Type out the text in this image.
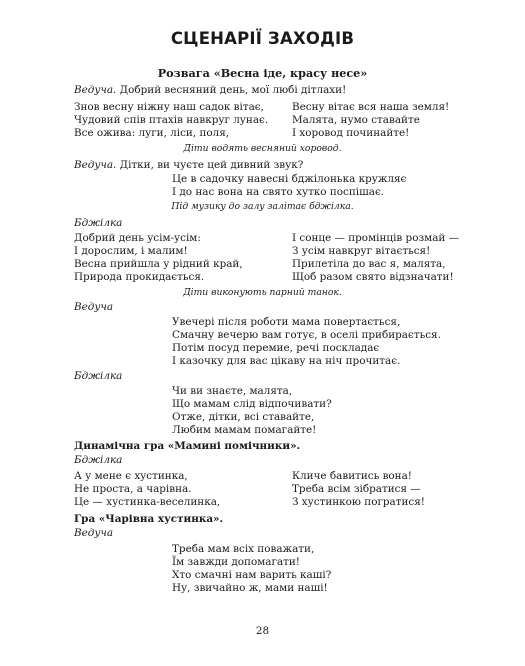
СЦЕНАРІЇ ЗАХОДІВ
Розвага «Весна іде, красу несе»
Ведуча. Добрий весняний день, мої любі дітлахи!
Знов весну ніжну наш садок вітає,
Чудовий спів птахів навкруг лунає.
Все ожива: луги, ліси, поля,
Весну вітає вся наша земля!
Малята, нумо ставайте
І хоровод починайте!
Діти водять весняний хоровод.
Ведуча. Дітки, ви чуєте цей дивний звук?
Це в садочку навесні бджілонька кружляє
І до нас вона на свято хутко поспішає.
Під музику до залу залітає бджілка.
Бджілка
Добрий день усім-усім:
І дорослим, і малим!
Весна прийшла у рідний край,
Природа прокидається.
І сонце — промінців розмай —
З усім навкруг вітається!
Прилетіла до вас я, малята,
Щоб разом свято відзначати!
Діти виконують парний танок.
Ведуча
Увечері після роботи мама повертається,
Смачну вечерю вам готує, в оселі прибирається.
Потім посуд перемие, речі поскладає
І казочку для вас цікаву на ніч прочитає.
Бджілка
Чи ви знаєте, малята,
Що мамам слід відпочивати?
Отже, дітки, всі ставайте,
Любим мамам помагайте!
Динамічна гра «Мамині помічники».
Бджілка
А у мене є хустинка,
Не проста, а чарівна.
Це — хустинка-веселинка,
Кличе бавитись вона!
Треба всім зібратися —
З хустинкою погратися!
Гра «Чарівна хустинка».
Ведуча
Треба мам всіх поважати,
Їм завжди допомагати!
Хто смачні нам варить каші?
Ну, звичайно ж, мами наші!
28
